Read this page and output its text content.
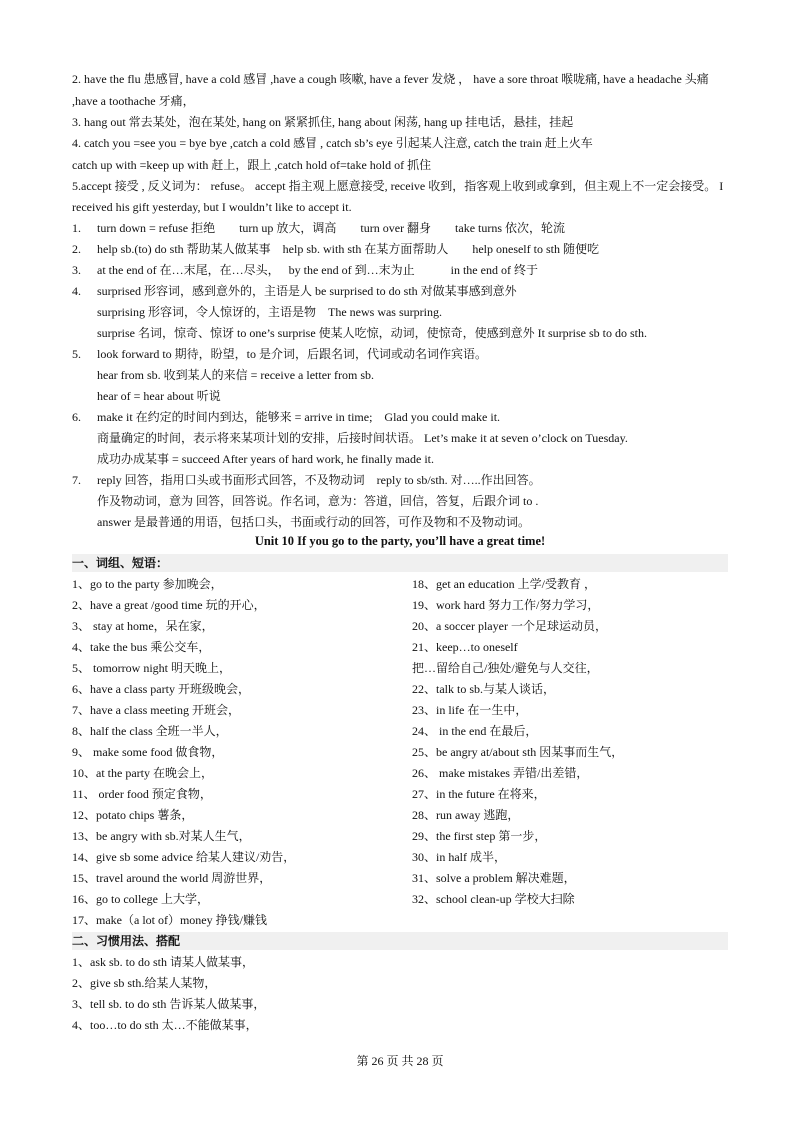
2. have the flu 患感冒, have a cold 感冒 ,have a cough 咳嗽, have a fever 发烧 ， have a sore throat 喉咙痛, have a headache 头痛
,have a toothache 牙痛，
3. hang out 常去某处，泡在某处, hang on 紧紧抓住, hang about 闲荡, hang up 挂电话，悬挂，挂起
4. catch you =see you = bye bye ,catch a cold 感冒 , catch sb’s eye 引起某人注意, catch the train 赶上火车
catch up with =keep up with 赶上，跟上 ,catch hold of=take hold of 抓住
5.accept 接受 , 反义词为： refuse。 accept 指主观上愿意接受, receive 收到，指客观上收到或拿到，但主观上不一定会接受。 I
received his gift yesterday, but I wouldn’t like to accept it.
1. turn down = refuse 拒绝　　turn up 放大，调高　　turn over 翻身　　take turns 依次，轮流
2. help sb.(to) do sth 帮助某人做某事　help sb. with sth 在某方面帮助人　　help oneself to sth 随便吃
3. at the end of 在…末尾，在…尽头，　 by the end of 到…末为止　　　in the end of 终于
4. surprised 形容词，感到意外的，主语是人 be surprised to do sth 对做某事感到意外
surprising 形容词，令人惊讶的，主语是物　The news was surpring.
surprise 名词，惊奇、惊讶 to one’s surprise 使某人吃惊，动词，使惊奇，使感到意外 It surprise sb to do sth.
5. look forward to 期待，盼望，to 是介词，后跟名词，代词或动名词作宾语。
hear from sb. 收到某人的来信 = receive a letter from sb.
hear of = hear about 听说
6. make it 在约定的时间内到达，能够来 = arrive in time;　Glad you could make it.
商量确定的时间，表示将来某项计划的安排，后接时间状语。 Let’s make it at seven o’clock on Tuesday.
成功办成某事 = succeed After years of hard work, he finally made it.
7. reply 回答，指用口头或书面形式回答，不及物动词　reply to sb/sth. 对…..作出回答。
作及物动词，意为 回答，回答说。作名词，意为：答道，回信，答复，后跟介词 to .
answer 是最普通的用语，包括口头，书面或行动的回答，可作及物和不及物动词。
Unit 10 If you go to the party, you’ll have a great time!
一、词组、短语：
1、go to the party 参加晚会，
2、have a great /good time 玩的开心，
3、 stay at home，呆在家，
4、take the bus 乘公交车，
5、 tomorrow night 明天晚上，
6、have a class party 开班级晚会，
7、have a class meeting 开班会，
8、half the class 全班一半人，
9、 make some food 做食物，
10、at the party 在晚会上，
11、 order food 预定食物，
12、potato chips 薯条，
13、be angry with sb.对某人生气，
14、give sb some advice 给某人建议/劝告，
15、travel around the world 周游世界，
16、go to college 上大学，
17、make（a lot of）money 挣钱/赚钱
18、get an education 上学/受教育 ，
19、work hard 努力工作/努力学习，
20、a soccer player 一个足球运动员，
21、keep…to oneself
把…留给自己/独处/避免与人交往，
22、talk to sb.与某人谈话，
23、in life 在一生中，
24、 in the end 在最后，
25、be angry at/about sth 因某事而生气，
26、 make mistakes 弄错/出差错，
27、in the future 在将来，
28、run away 逃跑，
29、the first step 第一步，
30、in half 成半，
31、solve a problem 解决难题，
32、school clean-up 学校大扫除
二、习惯用法、搭配
1、ask sb. to do sth 请某人做某事，
2、give sb sth.给某人某物，
3、tell sb. to do sth 告诉某人做某事，
4、too…to do sth 太…不能做某事，
第 26 页 共 28 页
